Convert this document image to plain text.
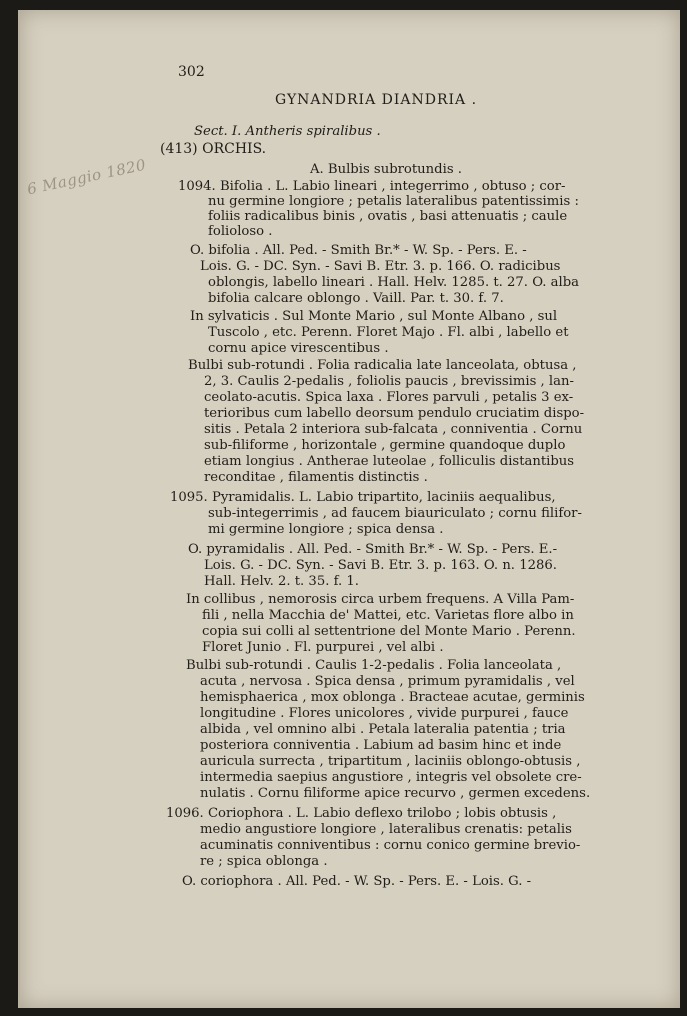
6 Maggio 1820
302
GYNANDRIA DIANDRIA .
Sect. I. Antheris spiralibus .
(413) ORCHIS.
A. Bulbis subrotundis .
1094. Bifolia . L. Labio lineari , integerrimo , obtuso ; cor-
nu germine longiore ; petalis lateralibus patentissimis :
foliis radicalibus binis , ovatis , basi attenuatis ; caule
folioloso .
O. bifolia . All. Ped. - Smith Br.* - W. Sp. - Pers. E. -
Lois. G. - DC. Syn. - Savi B. Etr. 3. p. 166. O. radicibus
oblongis, labello lineari . Hall. Helv. 1285. t. 27. O. alba
bifolia calcare oblongo . Vaill. Par. t. 30. f. 7.
In sylvaticis . Sul Monte Mario , sul Monte Albano , sul
Tuscolo , etc. Perenn. Floret Majo . Fl. albi , labello et
cornu apice virescentibus .
Bulbi sub-rotundi . Folia radicalia late lanceolata, obtusa ,
2, 3. Caulis 2-pedalis , foliolis paucis , brevissimis , lan-
ceolato-acutis. Spica laxa . Flores parvuli , petalis 3 ex-
terioribus cum labello deorsum pendulo cruciatim dispo-
sitis . Petala 2 interiora sub-falcata , conniventia . Cornu
sub-filiforme , horizontale , germine quandoque duplo
etiam longius . Antherae luteolae , folliculis distantibus
reconditae , filamentis distinctis .
1095. Pyramidalis. L. Labio tripartito, laciniis aequalibus,
sub-integerrimis , ad faucem biauriculato ; cornu filifor-
mi germine longiore ; spica densa .
O. pyramidalis . All. Ped. - Smith Br.* - W. Sp. - Pers. E.-
Lois. G. - DC. Syn. - Savi B. Etr. 3. p. 163. O. n. 1286.
Hall. Helv. 2. t. 35. f. 1.
In collibus , nemorosis circa urbem frequens. A Villa Pam-
fili , nella Macchia de' Mattei, etc. Varietas flore albo in
copia sui colli al settentrione del Monte Mario . Perenn.
Floret Junio . Fl. purpurei , vel albi .
Bulbi sub-rotundi . Caulis 1-2-pedalis . Folia lanceolata ,
acuta , nervosa . Spica densa , primum pyramidalis , vel
hemisphaerica , mox oblonga . Bracteae acutae, germinis
longitudine . Flores unicolores , vivide purpurei , fauce
albida , vel omnino albi . Petala lateralia patentia ; tria
posteriora conniventia . Labium ad basim hinc et inde
auricula surrecta , tripartitum , laciniis oblongo-obtusis ,
intermedia saepius angustiore , integris vel obsolete cre-
nulatis . Cornu filiforme apice recurvo , germen excedens.
1096. Coriophora . L. Labio deflexo trilobo ; lobis obtusis ,
medio angustiore longiore , lateralibus crenatis: petalis
acuminatis conniventibus : cornu conico germine brevio-
re ; spica oblonga .
O. coriophora . All. Ped. - W. Sp. - Pers. E. - Lois. G. -
